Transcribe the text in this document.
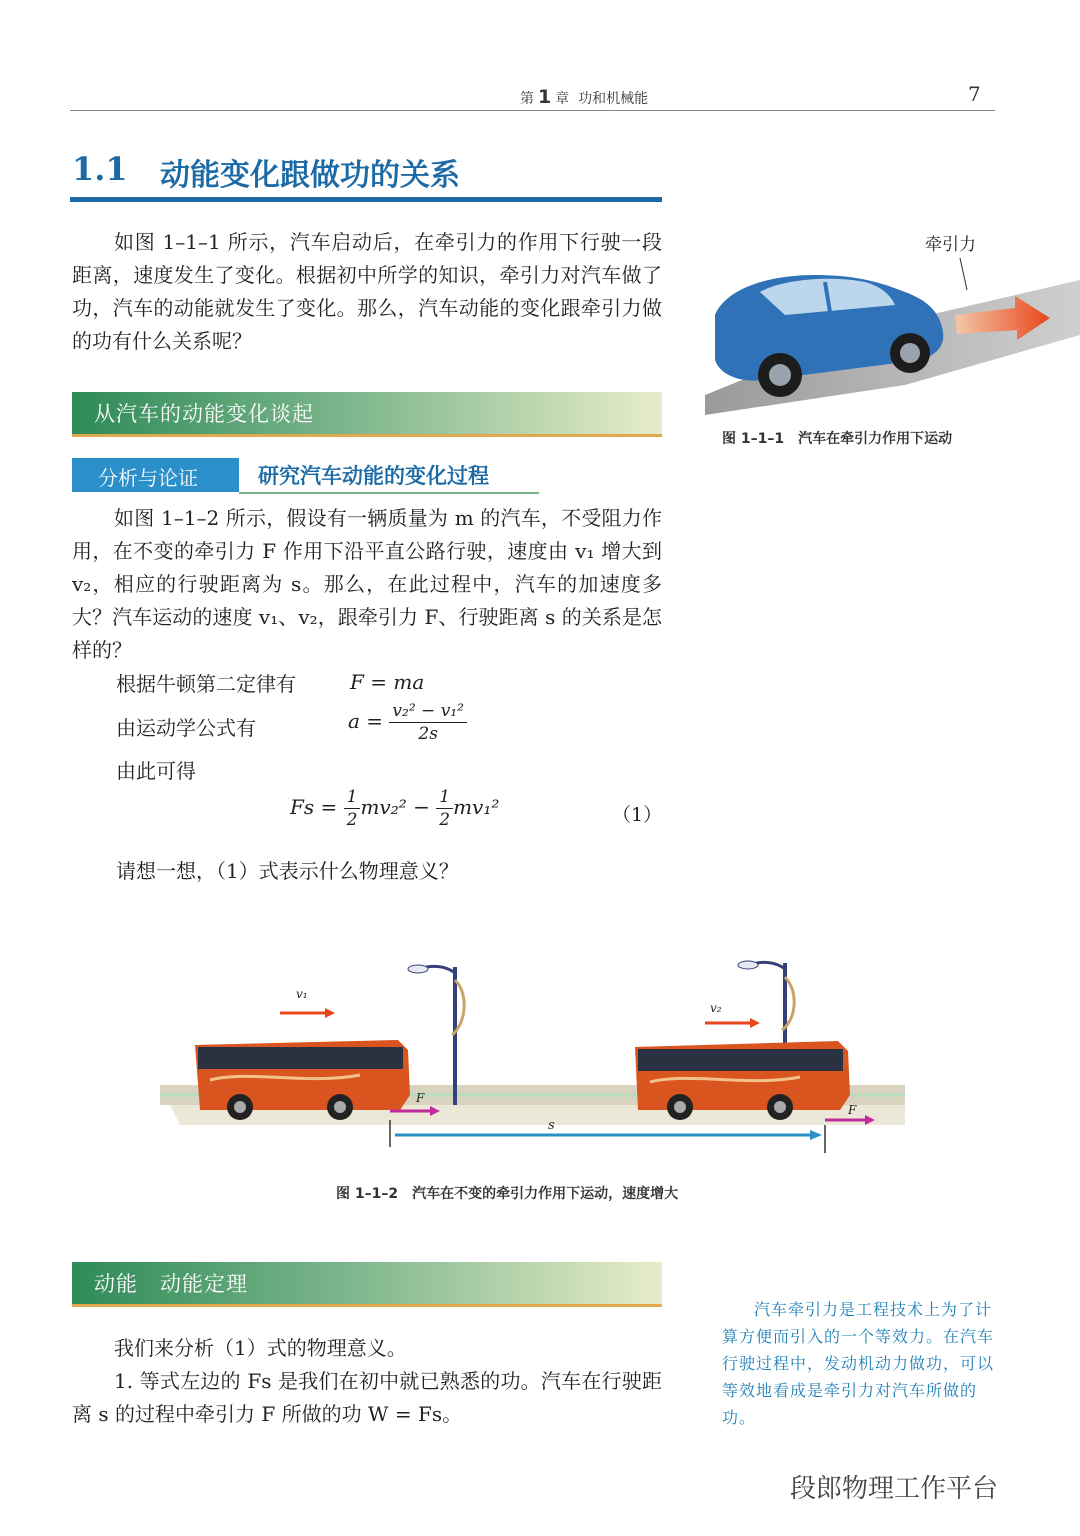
第 1 章 功和机械能	7
1.1 动能变化跟做功的关系
如图 1–1–1 所示，汽车启动后，在牵引力的作用下行驶一段距离，速度发生了变化。根据初中所学的知识，牵引力对汽车做了功，汽车的动能就发生了变化。那么，汽车动能的变化跟牵引力做的功有什么关系呢？
牵引力
图 1–1–1　汽车在牵引力作用下运动
从汽车的动能变化谈起
分析与论证	研究汽车动能的变化过程
如图 1–1–2 所示，假设有一辆质量为 m 的汽车，不受阻力作用，在不变的牵引力 F 作用下沿平直公路行驶，速度由 v₁ 增大到 v₂，相应的行驶距离为 s。那么，在此过程中，汽车的加速度多大？汽车运动的速度 v₁、v₂，跟牵引力 F、行驶距离 s 的关系是怎样的？
根据牛顿第二定律有	F = ma
由运动学公式有	$a = \frac{\text{v₂² − v₁²}}{2s}$
由此可得
$Fs = \frac{1}{2} mv_2^2 - \frac{1}{2} mv_1^2$	（1）
请想一想，（1）式表示什么物理意义？
v₁
v₂
F
F
s
图 1–1–2　汽车在不变的牵引力作用下运动，速度增大
动能　动能定理
我们来分析（1）式的物理意义。
1. 等式左边的 Fs 是我们在初中就已熟悉的功。汽车在行驶距离 s 的过程中牵引力 F 所做的功 W = Fs。
汽车牵引力是工程技术上为了计算方便而引入的一个等效力。在汽车行驶过程中，发动机动力做功，可以等效地看成是牵引力对汽车所做的功。
段郎物理工作平台
